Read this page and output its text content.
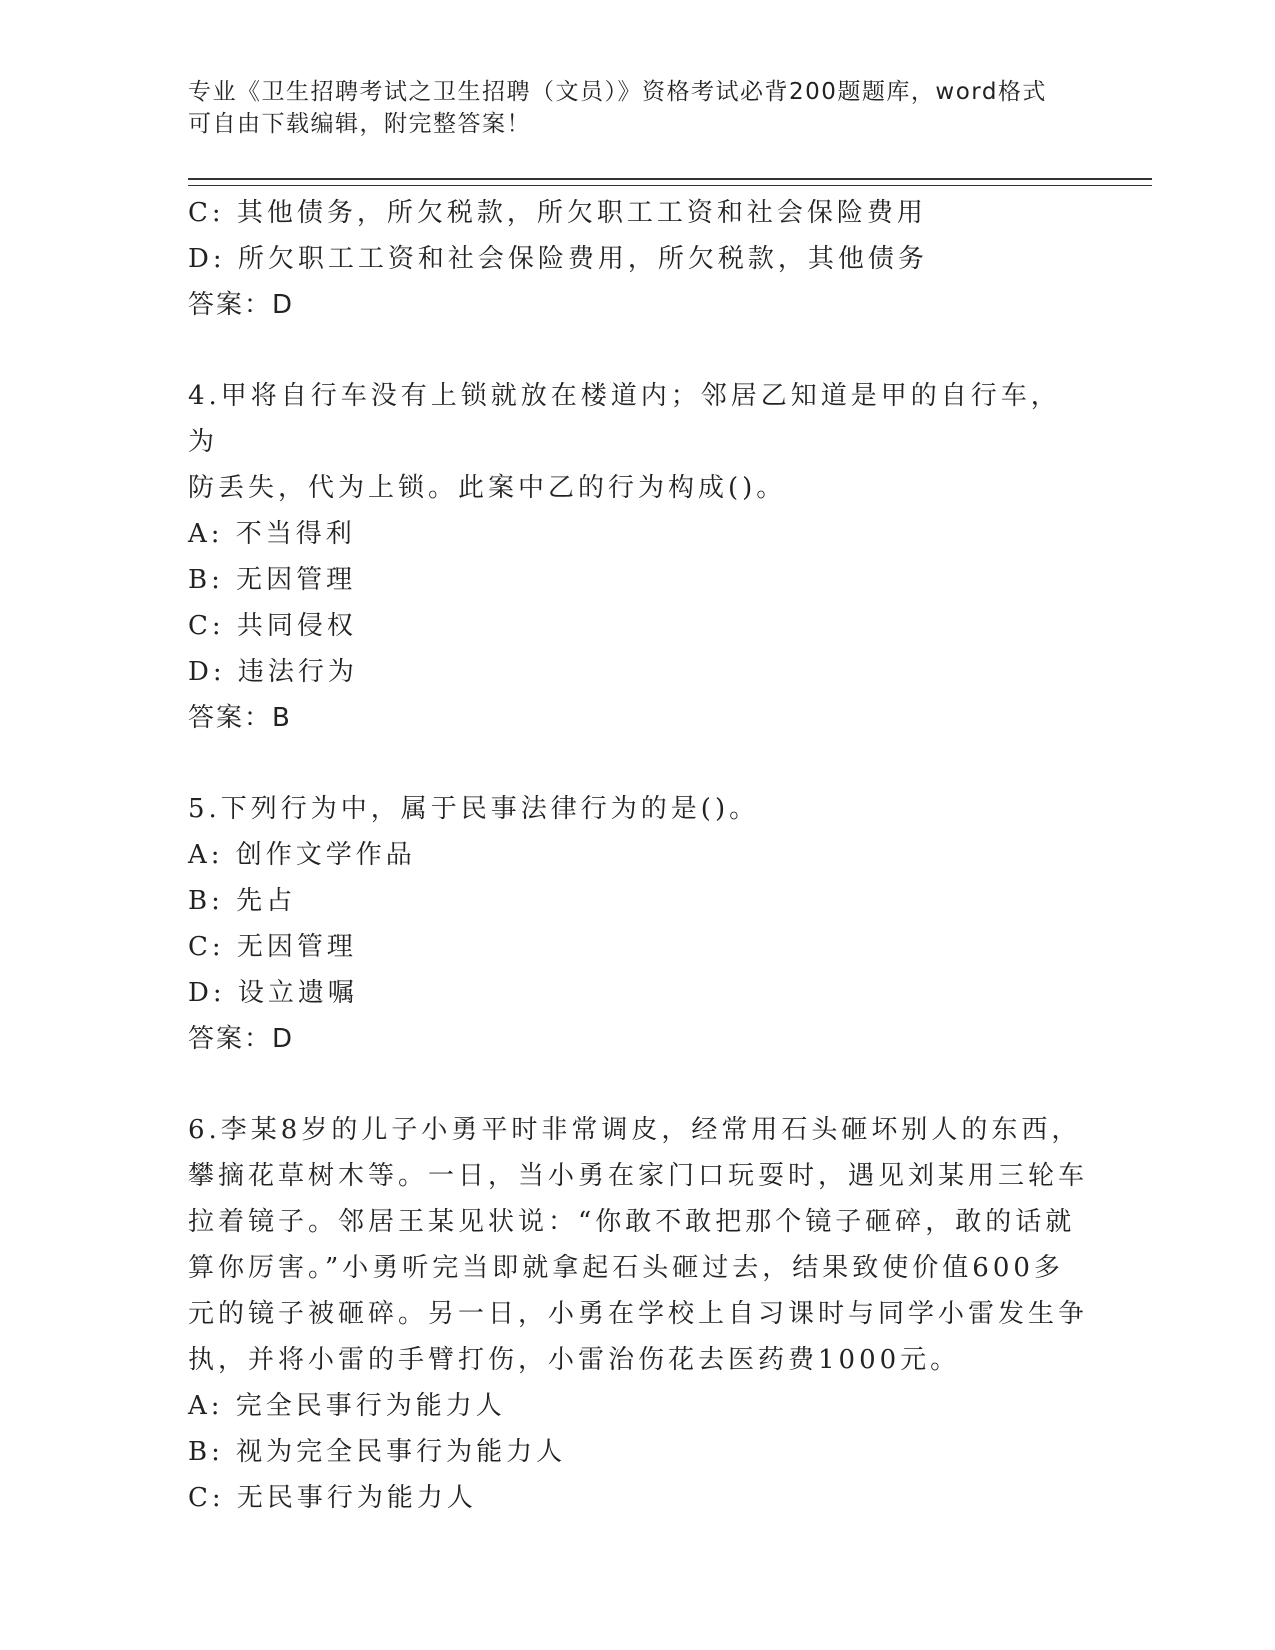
专业《卫生招聘考试之卫生招聘（文员）》资格考试必背200题题库，word格式
可自由下载编辑，附完整答案！
C: 其他债务，所欠税款，所欠职工工资和社会保险费用
D: 所欠职工工资和社会保险费用，所欠税款，其他债务
答案：D
4.甲将自行车没有上锁就放在楼道内；邻居乙知道是甲的自行车，为
防丢失，代为上锁。此案中乙的行为构成()。
A: 不当得利
B: 无因管理
C: 共同侵权
D: 违法行为
答案：B
5.下列行为中，属于民事法律行为的是()。
A: 创作文学作品
B: 先占
C: 无因管理
D: 设立遗嘱
答案：D
6.李某8岁的儿子小勇平时非常调皮，经常用石头砸坏别人的东西，
攀摘花草树木等。一日，当小勇在家门口玩耍时，遇见刘某用三轮车
拉着镜子。邻居王某见状说：“你敢不敢把那个镜子砸碎，敢的话就
算你厉害。”小勇听完当即就拿起石头砸过去，结果致使价值600多
元的镜子被砸碎。另一日，小勇在学校上自习课时与同学小雷发生争
执，并将小雷的手臂打伤，小雷治伤花去医药费1000元。
A: 完全民事行为能力人
B: 视为完全民事行为能力人
C: 无民事行为能力人
